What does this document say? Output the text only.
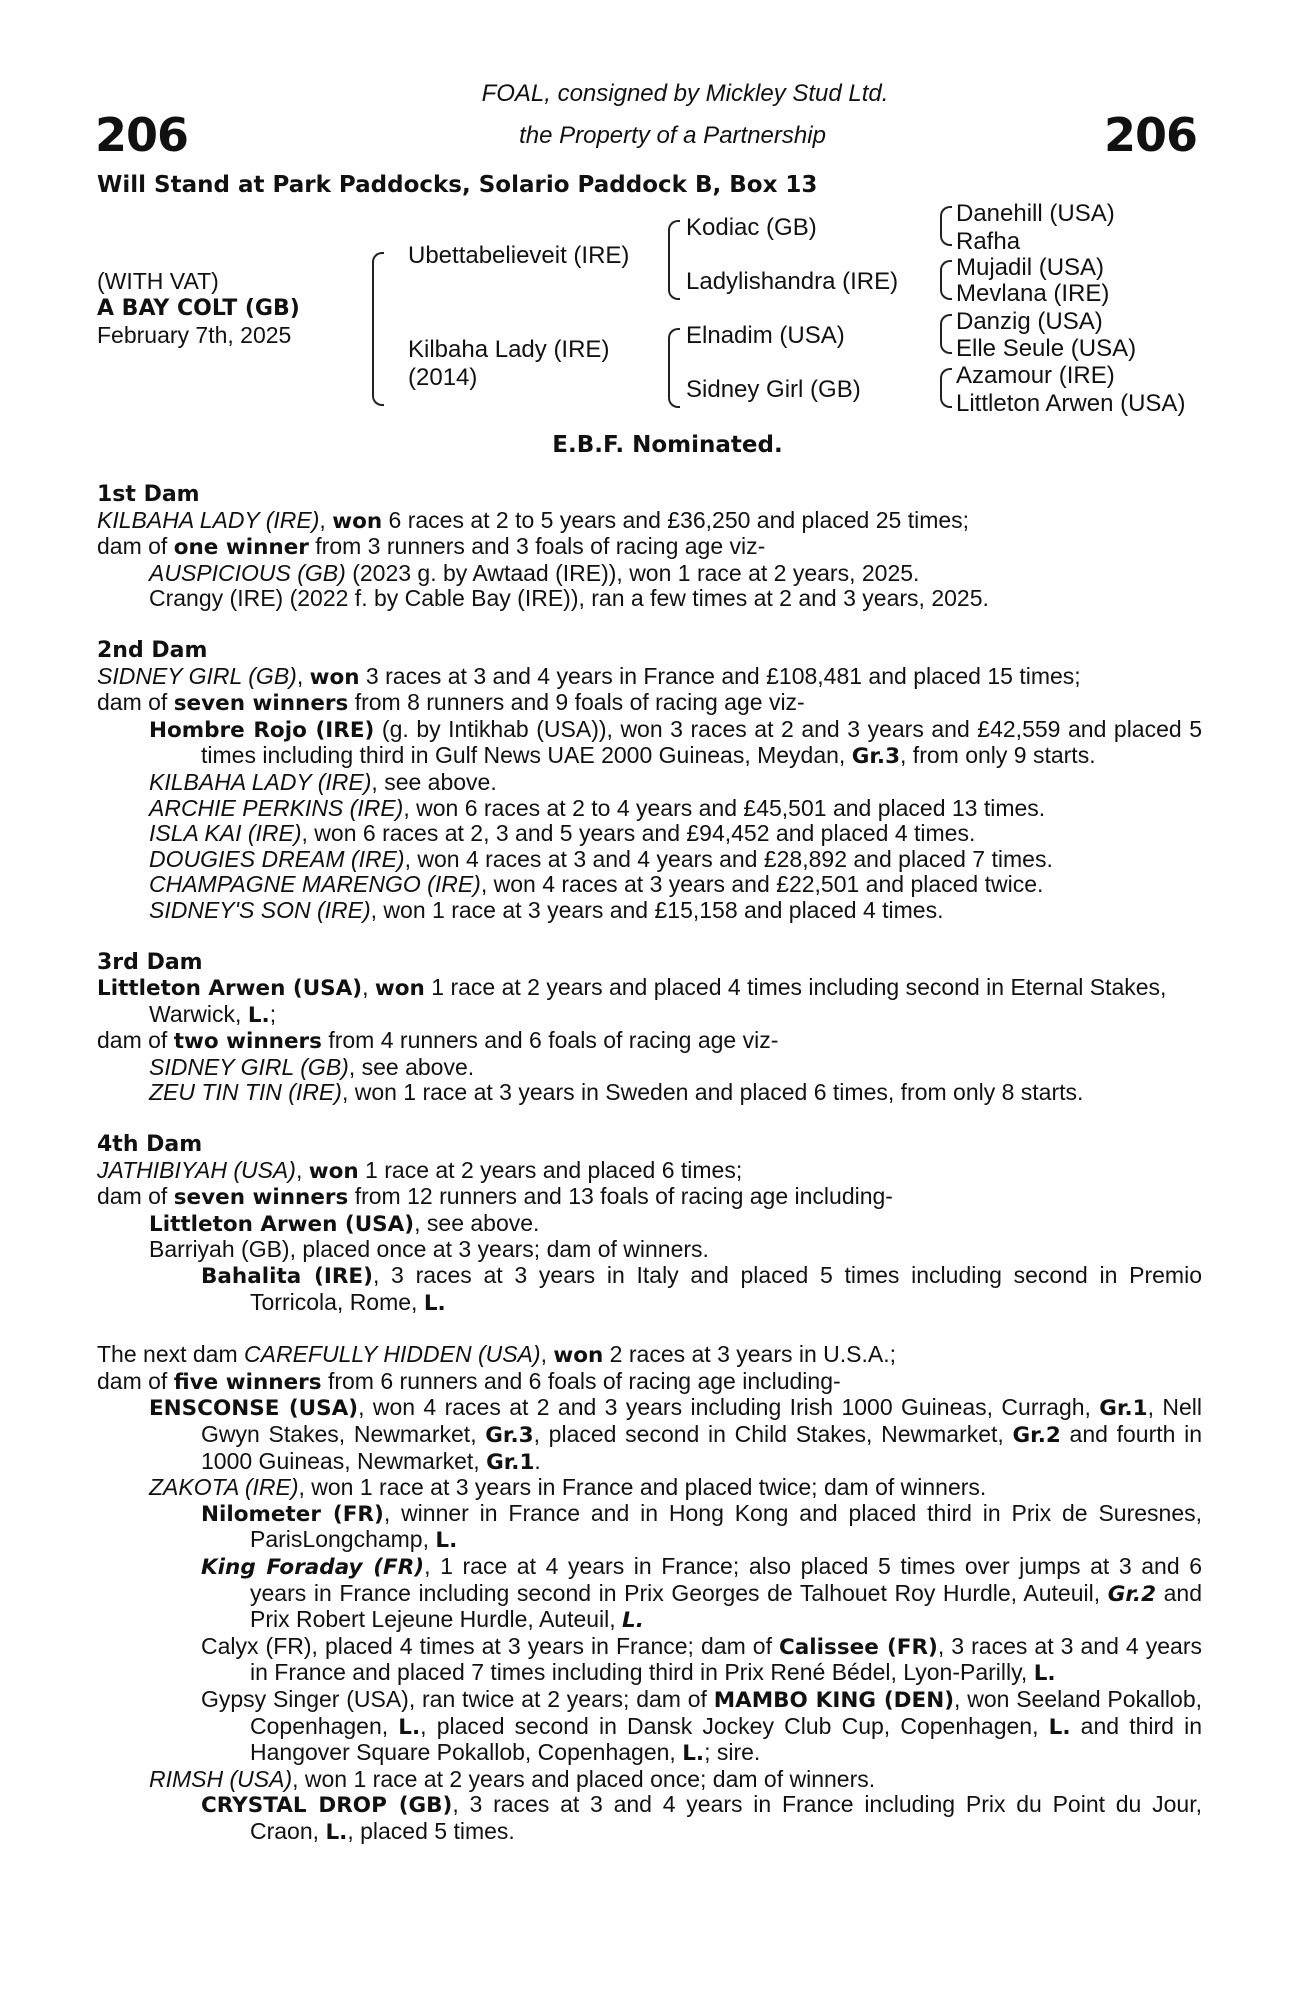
206	206
FOAL, consigned by Mickley Stud Ltd.
the Property of a Partnership
Will Stand at Park Paddocks, Solario Paddock B, Box 13
(WITH VAT)
A BAY COLT (GB)
February 7th, 2025
Ubettabelieveit (IRE)
Kilbaha Lady (IRE)
(2014)
Kodiac (GB)
Ladylishandra (IRE)
Elnadim (USA)
Sidney Girl (GB)
Danehill (USA)
Rafha
Mujadil (USA)
Mevlana (IRE)
Danzig (USA)
Elle Seule (USA)
Azamour (IRE)
Littleton Arwen (USA)
E.B.F. Nominated.
1st Dam
KILBAHA LADY (IRE), won 6 races at 2 to 5 years and £36,250 and placed 25 times;
dam of one winner from 3 runners and 3 foals of racing age viz-
AUSPICIOUS (GB) (2023 g. by Awtaad (IRE)), won 1 race at 2 years, 2025.
Crangy (IRE) (2022 f. by Cable Bay (IRE)), ran a few times at 2 and 3 years, 2025.
2nd Dam
SIDNEY GIRL (GB), won 3 races at 3 and 4 years in France and £108,481 and placed 15 times;
dam of seven winners from 8 runners and 9 foals of racing age viz-
Hombre Rojo (IRE) (g. by Intikhab (USA)), won 3 races at 2 and 3 years and £42,559 and placed 5 times including third in Gulf News UAE 2000 Guineas, Meydan, Gr.3, from only 9 starts.
KILBAHA LADY (IRE), see above.
ARCHIE PERKINS (IRE), won 6 races at 2 to 4 years and £45,501 and placed 13 times.
ISLA KAI (IRE), won 6 races at 2, 3 and 5 years and £94,452 and placed 4 times.
DOUGIES DREAM (IRE), won 4 races at 3 and 4 years and £28,892 and placed 7 times.
CHAMPAGNE MARENGO (IRE), won 4 races at 3 years and £22,501 and placed twice.
SIDNEY'S SON (IRE), won 1 race at 3 years and £15,158 and placed 4 times.
3rd Dam
Littleton Arwen (USA), won 1 race at 2 years and placed 4 times including second in Eternal Stakes, Warwick, L.;
dam of two winners from 4 runners and 6 foals of racing age viz-
SIDNEY GIRL (GB), see above.
ZEU TIN TIN (IRE), won 1 race at 3 years in Sweden and placed 6 times, from only 8 starts.
4th Dam
JATHIBIYAH (USA), won 1 race at 2 years and placed 6 times;
dam of seven winners from 12 runners and 13 foals of racing age including-
Littleton Arwen (USA), see above.
Barriyah (GB), placed once at 3 years; dam of winners.
Bahalita (IRE), 3 races at 3 years in Italy and placed 5 times including second in Premio Torricola, Rome, L.
The next dam CAREFULLY HIDDEN (USA), won 2 races at 3 years in U.S.A.;
dam of five winners from 6 runners and 6 foals of racing age including-
ENSCONSE (USA), won 4 races at 2 and 3 years including Irish 1000 Guineas, Curragh, Gr.1, Nell Gwyn Stakes, Newmarket, Gr.3, placed second in Child Stakes, Newmarket, Gr.2 and fourth in 1000 Guineas, Newmarket, Gr.1.
ZAKOTA (IRE), won 1 race at 3 years in France and placed twice; dam of winners.
Nilometer (FR), winner in France and in Hong Kong and placed third in Prix de Suresnes, ParisLongchamp, L.
King Foraday (FR), 1 race at 4 years in France; also placed 5 times over jumps at 3 and 6 years in France including second in Prix Georges de Talhouet Roy Hurdle, Auteuil, Gr.2 and Prix Robert Lejeune Hurdle, Auteuil, L.
Calyx (FR), placed 4 times at 3 years in France; dam of Calissee (FR), 3 races at 3 and 4 years in France and placed 7 times including third in Prix René Bédel, Lyon-Parilly, L.
Gypsy Singer (USA), ran twice at 2 years; dam of MAMBO KING (DEN), won Seeland Pokallob, Copenhagen, L., placed second in Dansk Jockey Club Cup, Copenhagen, L. and third in Hangover Square Pokallob, Copenhagen, L.; sire.
RIMSH (USA), won 1 race at 2 years and placed once; dam of winners.
CRYSTAL DROP (GB), 3 races at 3 and 4 years in France including Prix du Point du Jour, Craon, L., placed 5 times.
